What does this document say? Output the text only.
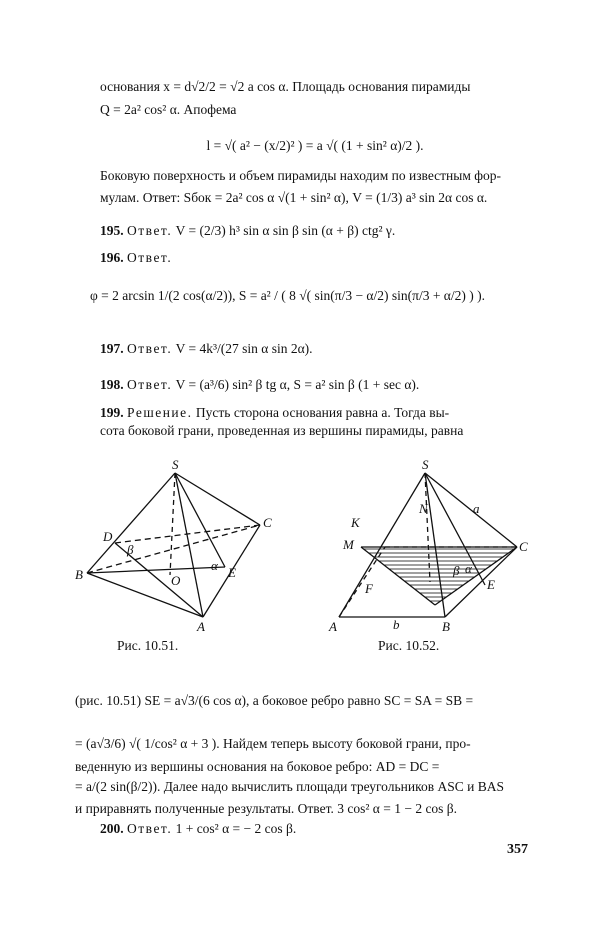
основания x = d√2/2 = √2 a cos α. Площадь основания пирамиды
Q = 2a² cos² α. Апофема
l = √( a² − (x/2)² ) = a √( (1 + sin² α)/2 ).
Боковую поверхность и объем пирамиды находим по известным фор-
мулам. Ответ: Sбок = 2a² cos α √(1 + sin² α), V = (1/3) a³ sin 2α cos α.
195. Ответ. V = (2/3) h³ sin α sin β sin (α + β) ctg² γ.
196. Ответ.
φ = 2 arcsin 1/(2 cos(α/2)), S = a² / ( 8 √( sin(π/3 − α/2) sin(π/3 + α/2) ) ).
197. Ответ. V = 4k³/(27 sin α sin 2α).
198. Ответ. V = (a³/6) sin² β tg α, S = a² sin β (1 + sec α).
199. Решение. Пусть сторона основания равна a. Тогда вы-
сота боковой грани, проведенная из вершины пирамиды, равна
S
C
D
B
A
O
E
α
β
Рис. 10.51.
S
K
N
M	C
F
A	B
E
a
b
α
β
Рис. 10.52.
(рис. 10.51) SE = a√3/(6 cos α), а боковое ребро равно SC = SA = SB =
= (a√3/6) √( 1/cos² α + 3 ). Найдем теперь высоту боковой грани, про-
веденную из вершины основания на боковое ребро: AD = DC =
= a/(2 sin(β/2)). Далее надо вычислить площади треугольников ASC и BAS
и приравнять полученные результаты. Ответ. 3 cos² α = 1 − 2 cos β.
200. Ответ. 1 + cos² α = − 2 cos β.
357
